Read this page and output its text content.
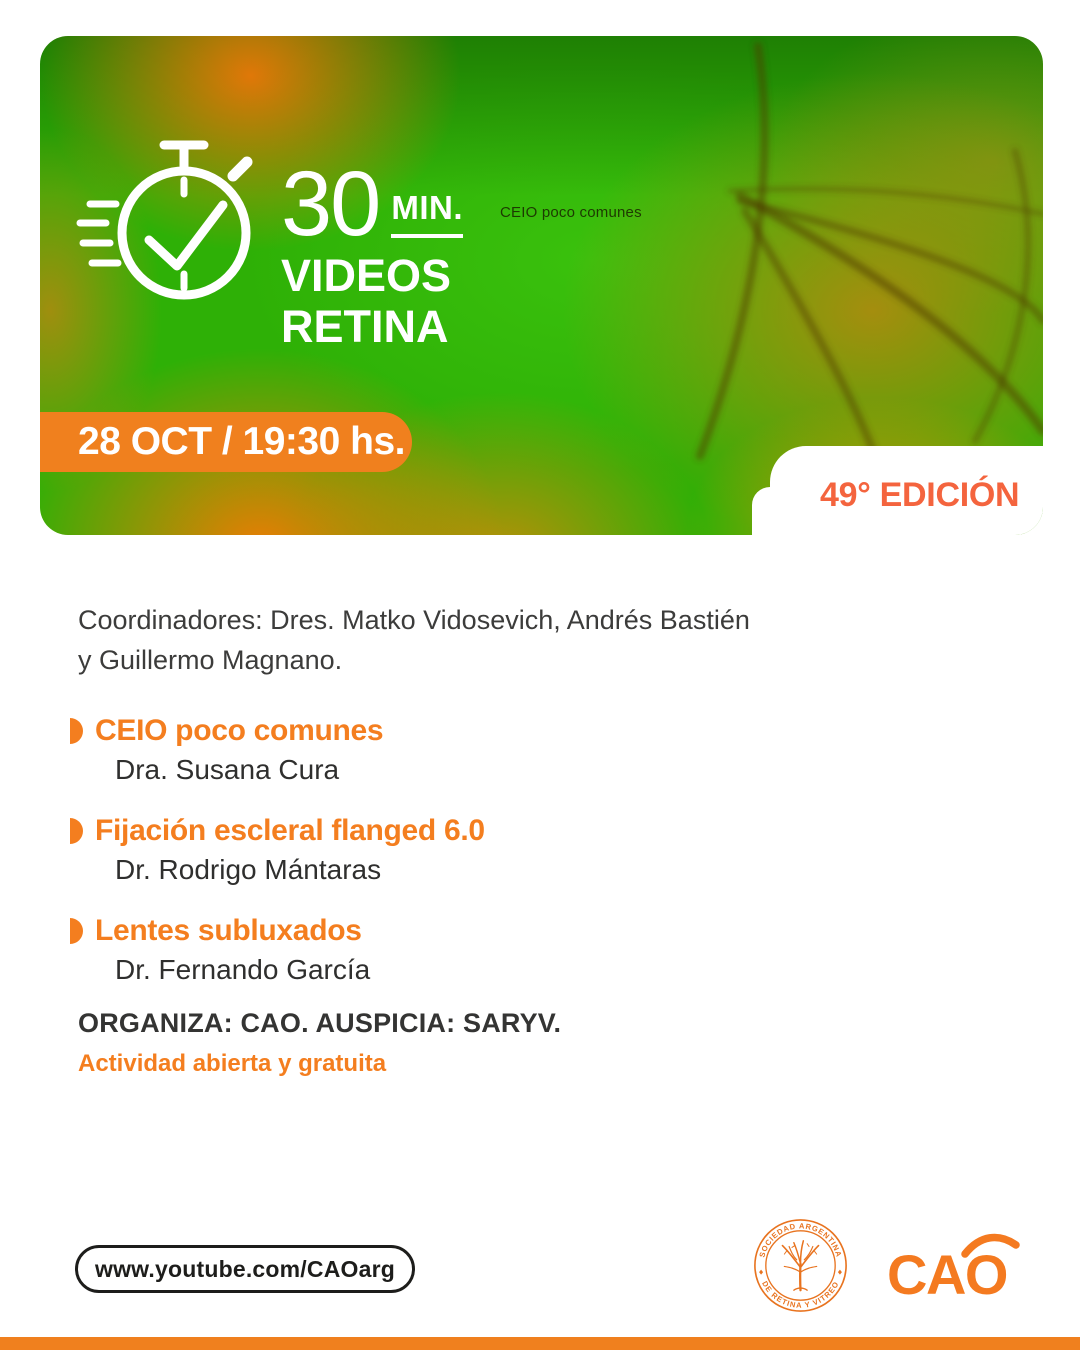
30 MIN.
VIDEOS
RETINA
CEIO poco comunes
28 OCT / 19:30 hs.
49° EDICIÓN
Coordinadores: Dres. Matko Vidosevich, Andrés Bastién
y Guillermo Magnano.
CEIO poco comunes
Dra. Susana Cura
Fijación escleral flanged 6.0
Dr. Rodrigo Mántaras
Lentes subluxados
Dr. Fernando García
ORGANIZA: CAO. AUSPICIA: SARYV.
Actividad abierta y gratuita
www.youtube.com/CAOarg
SOCIEDAD ARGENTINA
DE RETINA Y VITREO CAO
